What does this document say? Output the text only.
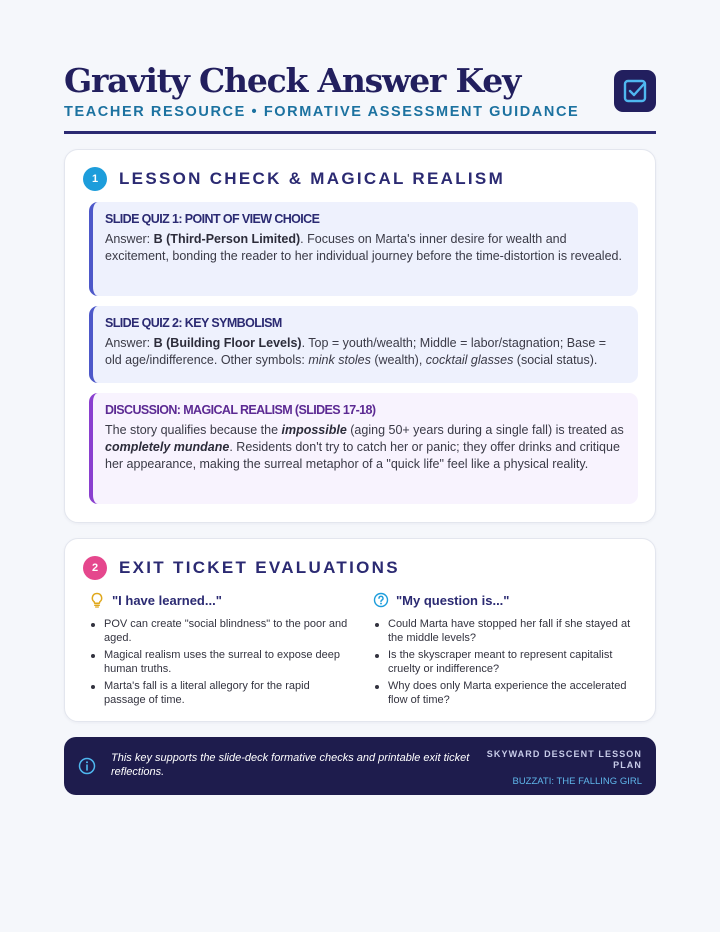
Gravity Check Answer Key
TEACHER RESOURCE • FORMATIVE ASSESSMENT GUIDANCE
1	LESSON CHECK & MAGICAL REALISM
SLIDE QUIZ 1: POINT OF VIEW CHOICE
Answer: B (Third-Person Limited). Focuses on Marta's inner desire for wealth and excitement, bonding the reader to her individual journey before the time-distortion is revealed.
SLIDE QUIZ 2: KEY SYMBOLISM
Answer: B (Building Floor Levels). Top = youth/wealth; Middle = labor/stagnation; Base = old age/indifference. Other symbols: mink stoles (wealth), cocktail glasses (social status).
DISCUSSION: MAGICAL REALISM (SLIDES 17-18)
The story qualifies because the impossible (aging 50+ years during a single fall) is treated as completely mundane. Residents don't try to catch her or panic; they offer drinks and critique her appearance, making the surreal metaphor of a "quick life" feel like a physical reality.
2	EXIT TICKET EVALUATIONS
"I have learned..."
POV can create "social blindness" to the poor and aged.
Magical realism uses the surreal to expose deep human truths.
Marta's fall is a literal allegory for the rapid passage of time.
"My question is..."
Could Marta have stopped her fall if she stayed at the middle levels?
Is the skyscraper meant to represent capitalist cruelty or indifference?
Why does only Marta experience the accelerated flow of time?
This key supports the slide-deck formative checks and printable exit ticket reflections.
SKYWARD DESCENT LESSON PLAN
BUZZATI: THE FALLING GIRL
